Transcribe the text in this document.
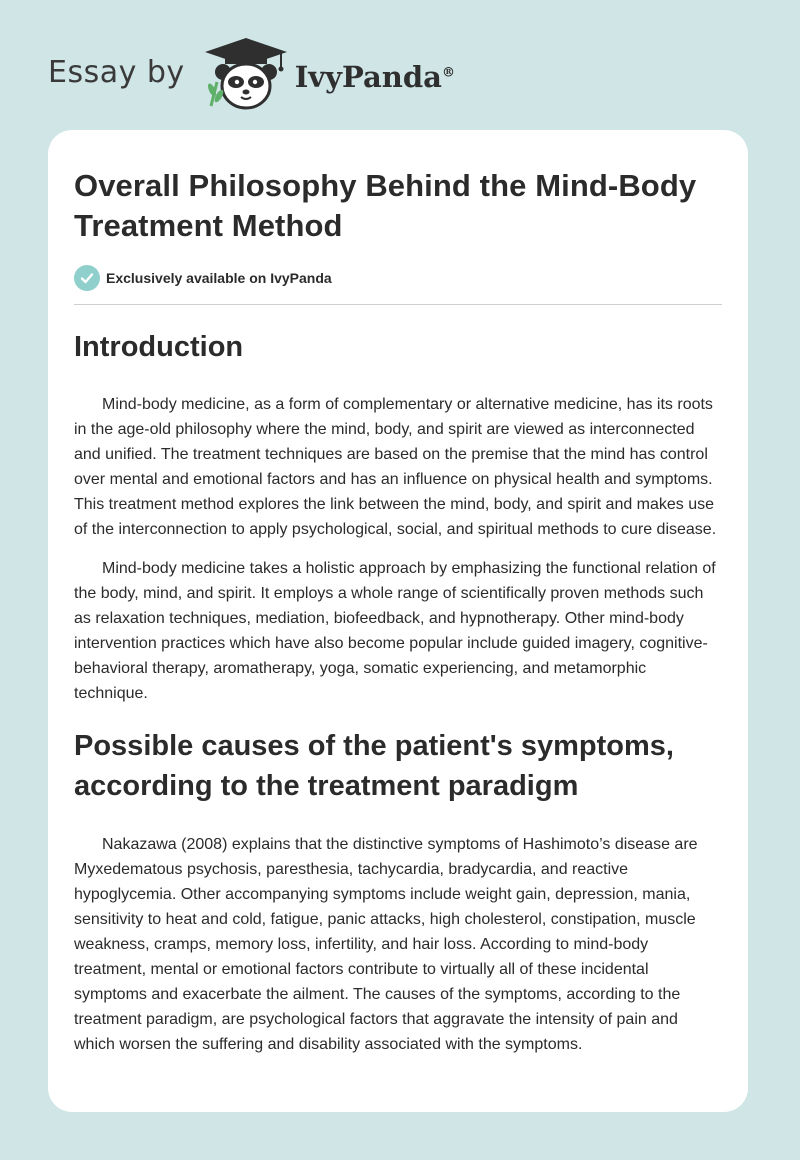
Essay by	IvyPanda®
Overall Philosophy Behind the Mind-Body Treatment Method
Exclusively available on IvyPanda
Introduction

Mind-body medicine, as a form of complementary or alternative medicine, has its roots in the age-old philosophy where the mind, body, and spirit are viewed as interconnected and unified. The treatment techniques are based on the premise that the mind has control over mental and emotional factors and has an influence on physical health and symptoms. This treatment method explores the link between the mind, body, and spirit and makes use of the interconnection to apply psychological, social, and spiritual methods to cure disease.

Mind-body medicine takes a holistic approach by emphasizing the functional relation of the body, mind, and spirit. It employs a whole range of scientifically proven methods such as relaxation techniques, mediation, biofeedback, and hypnotherapy. Other mind-body intervention practices which have also become popular include guided imagery, cognitive-behavioral therapy, aromatherapy, yoga, somatic experiencing, and metamorphic technique.

Possible causes of the patient's symptoms, according to the treatment paradigm

Nakazawa (2008) explains that the distinctive symptoms of Hashimoto’s disease are Myxedematous psychosis, paresthesia, tachycardia, bradycardia, and reactive hypoglycemia. Other accompanying symptoms include weight gain, depression, mania, sensitivity to heat and cold, fatigue, panic attacks, high cholesterol, constipation, muscle weakness, cramps, memory loss, infertility, and hair loss. According to mind-body treatment, mental or emotional factors contribute to virtually all of these incidental symptoms and exacerbate the ailment. The causes of the symptoms, according to the treatment paradigm, are psychological factors that aggravate the intensity of pain and which worsen the suffering and disability associated with the symptoms.
